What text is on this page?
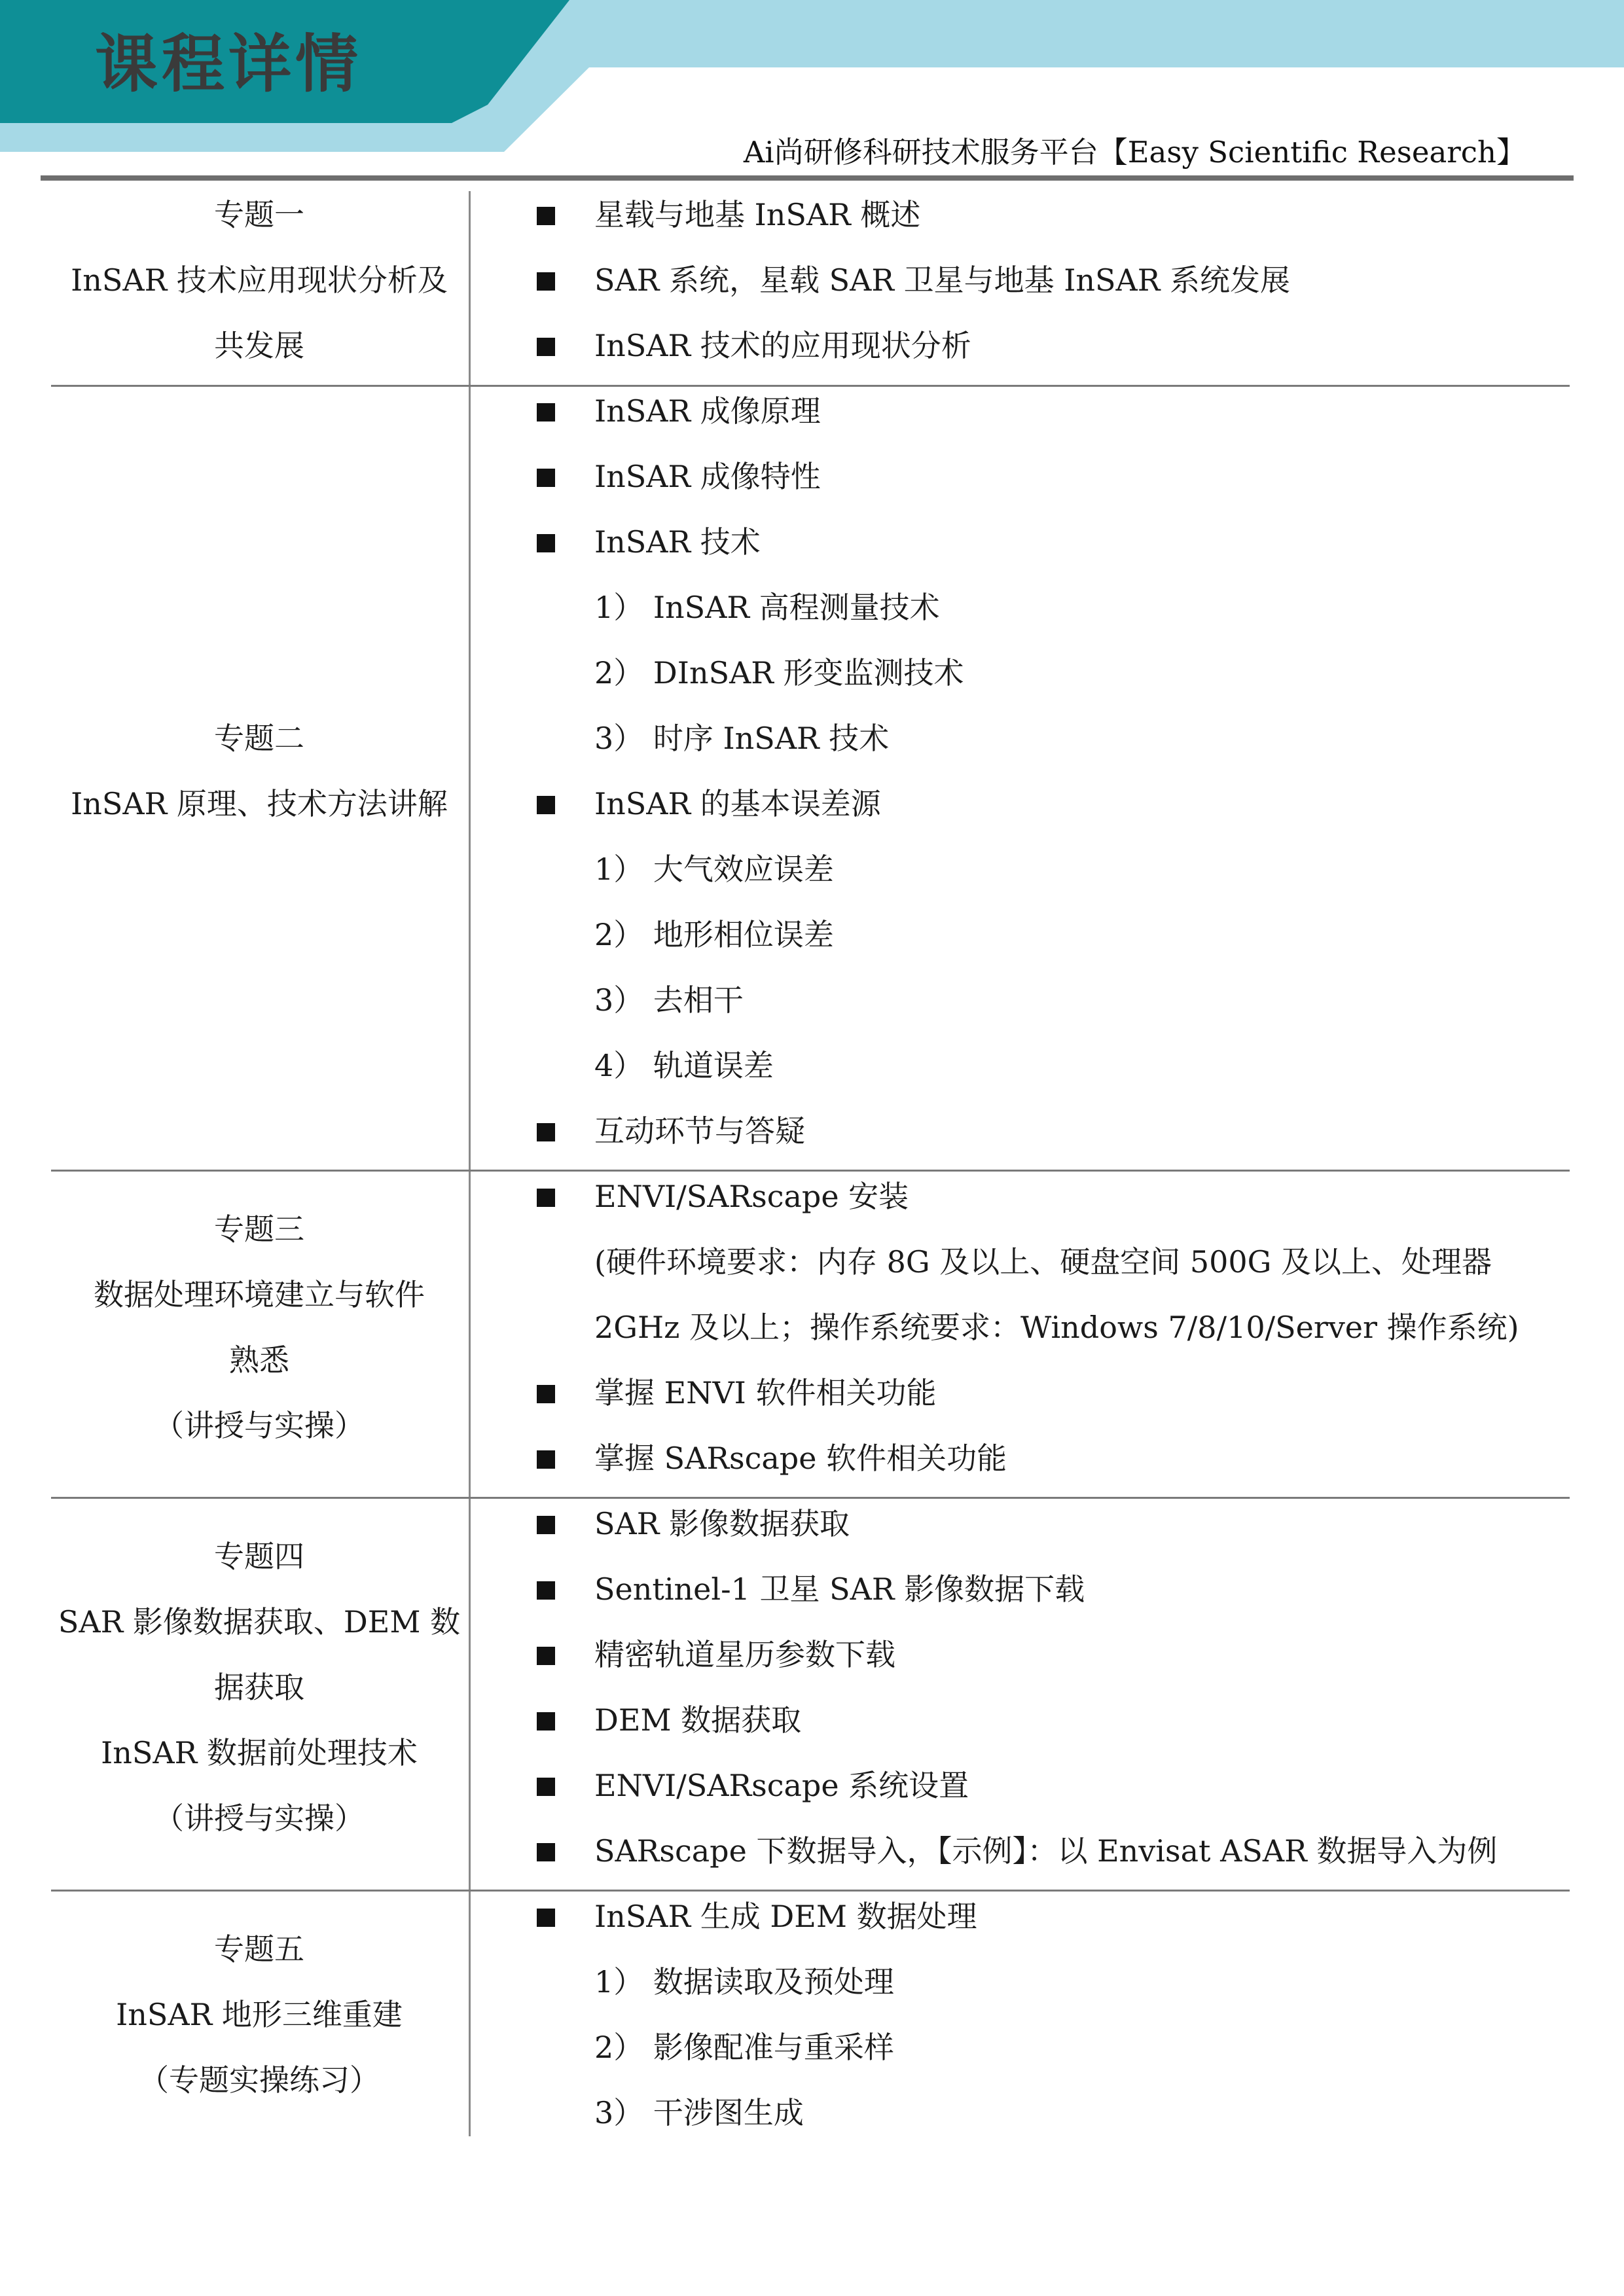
课程详情
Ai尚研修科研技术服务平台【Easy Scientific Research】
专题一
InSAR 技术应用现状分析及
共发展
星载与地基 InSAR 概述
SAR 系统，星载 SAR 卫星与地基 InSAR 系统发展
InSAR 技术的应用现状分析
专题二
InSAR 原理、技术方法讲解
InSAR 成像原理
InSAR 成像特性
InSAR 技术
1） InSAR 高程测量技术
2） DInSAR 形变监测技术
3） 时序 InSAR 技术
InSAR 的基本误差源
1） 大气效应误差
2） 地形相位误差
3） 去相干
4） 轨道误差
互动环节与答疑
专题三
数据处理环境建立与软件
熟悉
（讲授与实操）
ENVI/SARscape 安装
(硬件环境要求：内存 8G 及以上、硬盘空间 500G 及以上、处理器
2GHz 及以上；操作系统要求：Windows 7/8/10/Server 操作系统)
掌握 ENVI 软件相关功能
掌握 SARscape 软件相关功能
专题四
SAR 影像数据获取、DEM 数
据获取
InSAR 数据前处理技术
（讲授与实操）
SAR 影像数据获取
Sentinel-1 卫星 SAR 影像数据下载
精密轨道星历参数下载
DEM 数据获取
ENVI/SARscape 系统设置
SARscape 下数据导入，【示例】：以 Envisat ASAR 数据导入为例
专题五
InSAR 地形三维重建
（专题实操练习）
InSAR 生成 DEM 数据处理
1） 数据读取及预处理
2） 影像配准与重采样
3） 干涉图生成
